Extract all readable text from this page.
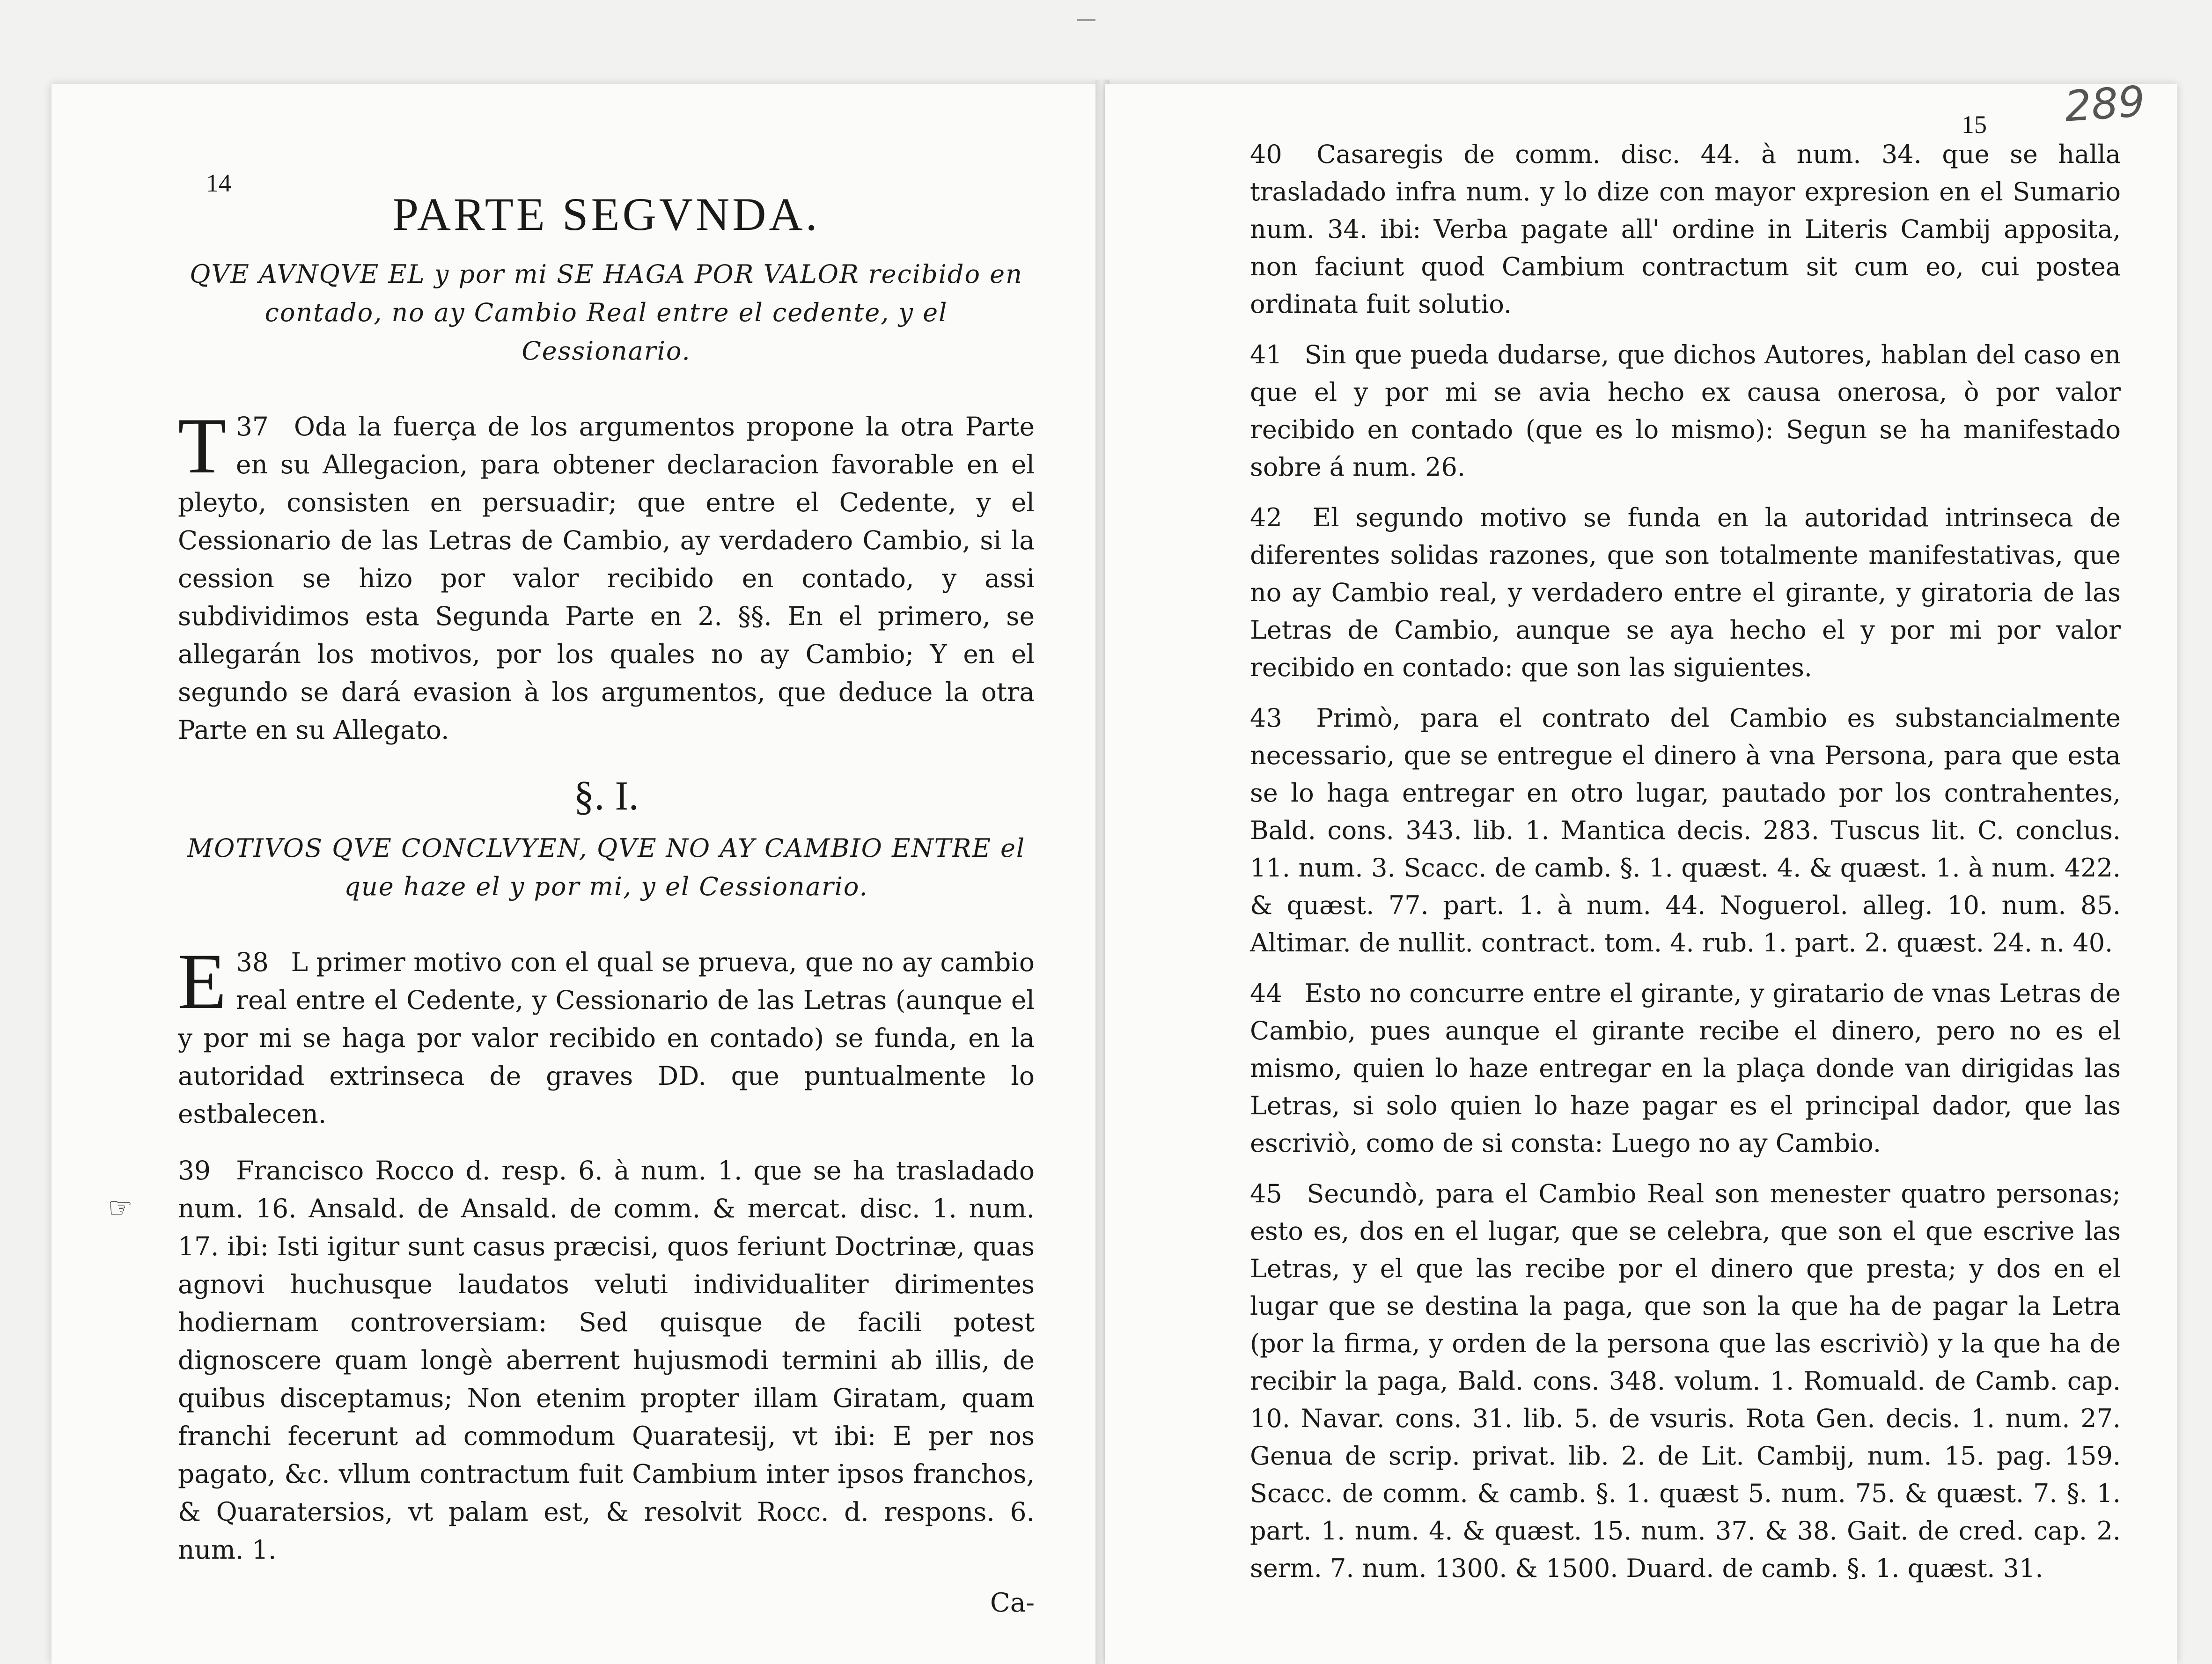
14
PARTE SEGVNDA.
QVE AVNQVE EL y por mi SE HAGA POR VALOR recibido en contado, no ay Cambio Real entre el cedente, y el Cessionario.
37
T	Oda la fuerça de los argumentos propone la otra Parte en su Allegacion, para obtener declaracion favorable en el pleyto, consisten en persuadir; que entre el Cedente, y el Cessionario de las Letras de Cambio, ay verdadero Cambio, si la cession se hizo por valor recibido en contado, y assi subdividimos esta Segunda Parte en 2. §§. En el primero, se allegarán los motivos, por los quales no ay Cambio; Y en el segundo se dará evasion à los argumentos, que deduce la otra Parte en su Allegato.
§. I.
MOTIVOS QVE CONCLVYEN, QVE NO AY CAMBIO ENTRE el que haze el y por mi, y el Cessionario.
38
E	L primer motivo con el qual se prueva, que no ay cambio real entre el Cedente, y Cessionario de las Letras (aunque el y por mi se haga por valor recibido en contado) se funda, en la autoridad extrinseca de graves DD. que puntualmente lo estbalecen.
☞
39 Francisco Rocco d. resp. 6. à num. 1. que se ha trasladado num. 16. Ansald. de Ansald. de comm. & mercat. disc. 1. num. 17. ibi: Isti igitur sunt casus præcisi, quos feriunt Doctrinæ, quas agnovi huchusque laudatos veluti individualiter dirimentes hodiernam controversiam: Sed quisque de facili potest dignoscere quam longè aberrent hujusmodi termini ab illis, de quibus disceptamus; Non etenim propter illam Giratam, quam franchi fecerunt ad commodum Quaratesij, vt ibi: E per nos pagato, &c. vllum contractum fuit Cambium inter ipsos franchos, & Quaratersios, vt palam est, & resolvit Rocc. d. respons. 6. num. 1.
Ca-
15 289
40 Casaregis de comm. disc. 44. à num. 34. que se halla trasladado infra num. y lo dize con mayor expresion en el Sumario num. 34. ibi: Verba pagate all' ordine in Literis Cambij apposita, non faciunt quod Cambium contractum sit cum eo, cui postea ordinata fuit solutio.
41 Sin que pueda dudarse, que dichos Autores, hablan del caso en que el y por mi se avia hecho ex causa onerosa, ò por valor recibido en contado (que es lo mismo): Segun se ha manifestado sobre á num. 26.
42 El segundo motivo se funda en la autoridad intrinseca de diferentes solidas razones, que son totalmente manifestativas, que no ay Cambio real, y verdadero entre el girante, y giratoria de las Letras de Cambio, aunque se aya hecho el y por mi por valor recibido en contado: que son las siguientes.
43 Primò, para el contrato del Cambio es substancialmente necessario, que se entregue el dinero à vna Persona, para que esta se lo haga entregar en otro lugar, pautado por los contrahentes, Bald. cons. 343. lib. 1. Mantica decis. 283. Tuscus lit. C. conclus. 11. num. 3. Scacc. de camb. §. 1. quæst. 4. & quæst. 1. à num. 422. & quæst. 77. part. 1. à num. 44. Noguerol. alleg. 10. num. 85. Altimar. de nullit. contract. tom. 4. rub. 1. part. 2. quæst. 24. n. 40.
44 Esto no concurre entre el girante, y giratario de vnas Letras de Cambio, pues aunque el girante recibe el dinero, pero no es el mismo, quien lo haze entregar en la plaça donde van dirigidas las Letras, si solo quien lo haze pagar es el principal dador, que las escriviò, como de si consta: Luego no ay Cambio.
45 Secundò, para el Cambio Real son menester quatro personas; esto es, dos en el lugar, que se celebra, que son el que escrive las Letras, y el que las recibe por el dinero que presta; y dos en el lugar que se destina la paga, que son la que ha de pagar la Letra (por la firma, y orden de la persona que las escriviò) y la que ha de recibir la paga, Bald. cons. 348. volum. 1. Romuald. de Camb. cap. 10. Navar. cons. 31. lib. 5. de vsuris. Rota Gen. decis. 1. num. 27. Genua de scrip. privat. lib. 2. de Lit. Cambij, num. 15. pag. 159. Scacc. de comm. & camb. §. 1. quæst 5. num. 75. & quæst. 7. §. 1. part. 1. num. 4. & quæst. 15. num. 37. & 38. Gait. de cred. cap. 2. serm. 7. num. 1300. & 1500. Duard. de camb. §. 1. quæst. 31.
